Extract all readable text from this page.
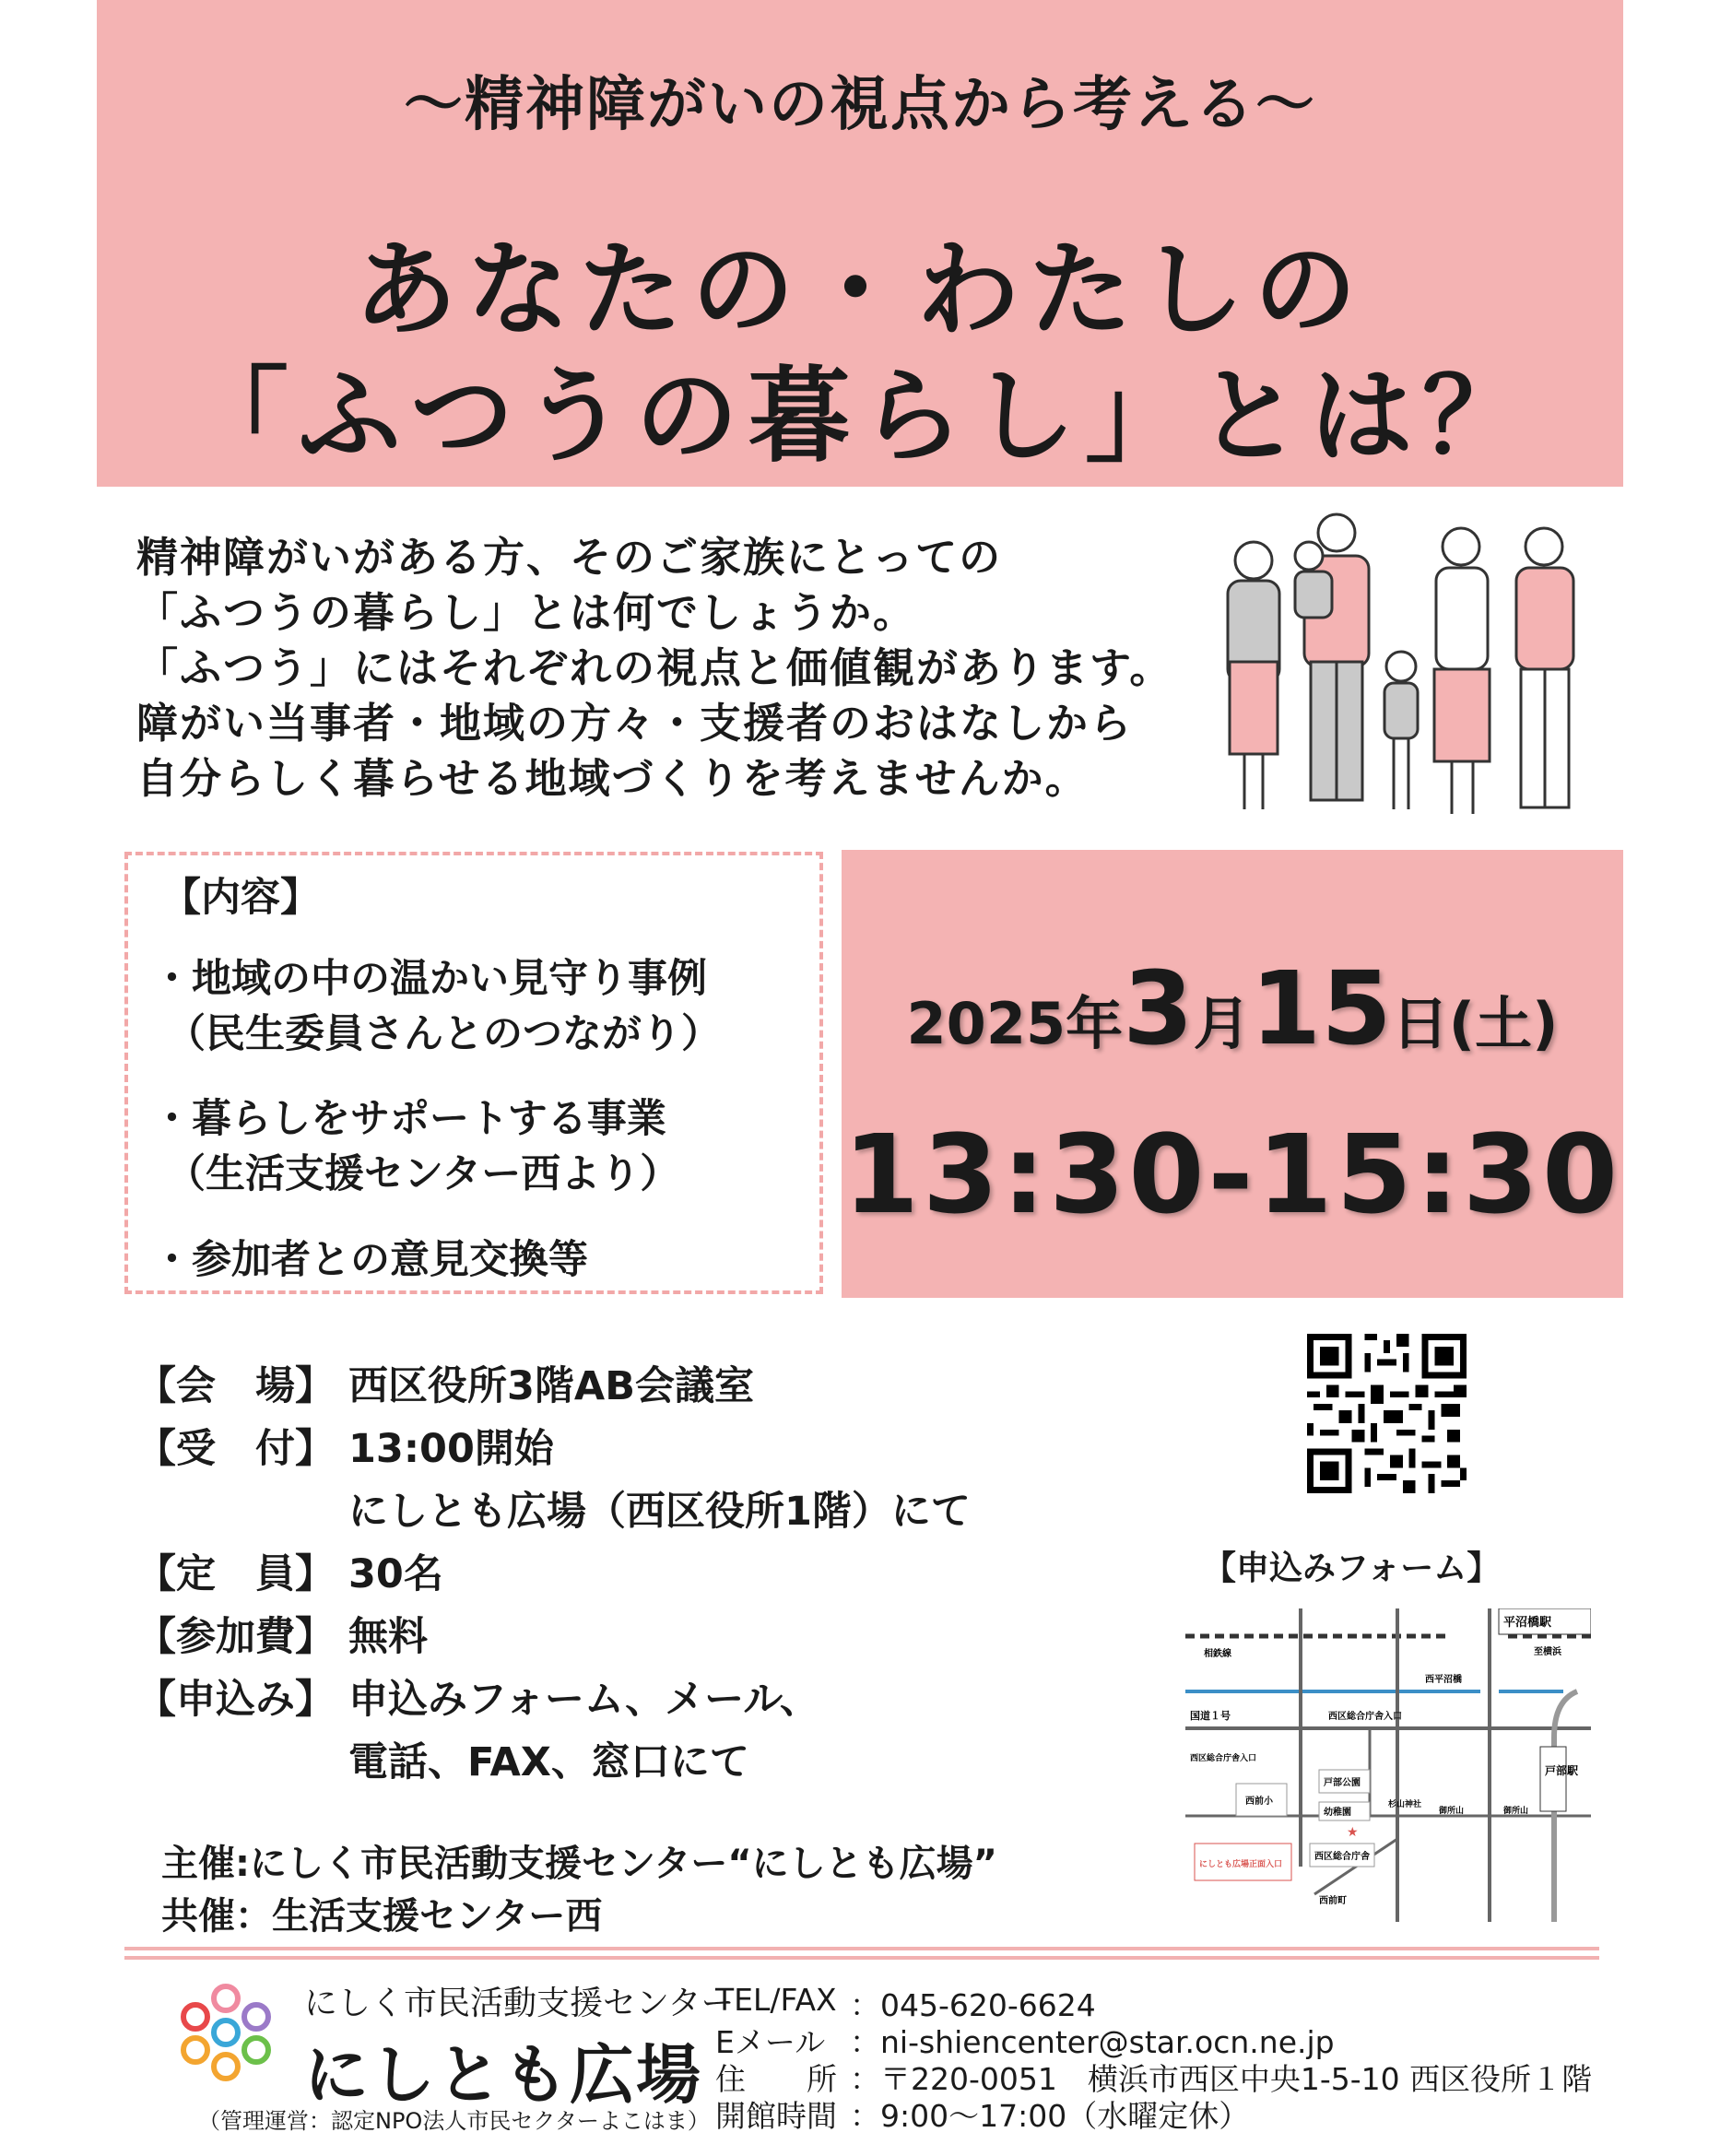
〜精神障がいの視点から考える〜
あなたの・わたしの
「ふつうの暮らし」とは？
精神障がいがある方、そのご家族にとっての
「ふつうの暮らし」とは何でしょうか。
「ふつう」にはそれぞれの視点と価値観があります。
障がい当事者・地域の方々・支援者のおはなしから
自分らしく暮らせる地域づくりを考えませんか。
【内容】
・地域の中の温かい見守り事例
（民生委員さんとのつながり）
・暮らしをサポートする事業
（生活支援センター西より）
・参加者との意見交換等
2025年3月15日(土)
13:30-15:30
【会　場】 西区役所3階AB会議室
【受　付】 13:00開始
にしとも広場（西区役所1階）にて
【定　員】 30名
【参加費】 無料
【申込み】 申込みフォーム、メール、
電話、FAX、窓口にて
【申込みフォーム】
★
平沼橋駅
戸部駅
相鉄線	至横浜
国道１号
西平沼橋
西区総合庁舎入口
西区総合庁舎入口
戸部公園
西前小
幼稚園
杉山神社
御所山	御所山
西区総合庁舎
西前町
にしとも広場正面入口
主催:にしく市民活動支援センター“にしとも広場”
共催：生活支援センター西
にしく市民活動支援センター
にしとも広場
（管理運営：認定NPO法人市民セクターよこはま）
TEL/FAX ：045-620-6624
Eメール ：ni-shiencenter@star.ocn.ne.jp
住　　所 ：〒220-0051　横浜市西区中央1-5-10 西区役所１階
開館時間 ：9:00〜17:00（水曜定休）
